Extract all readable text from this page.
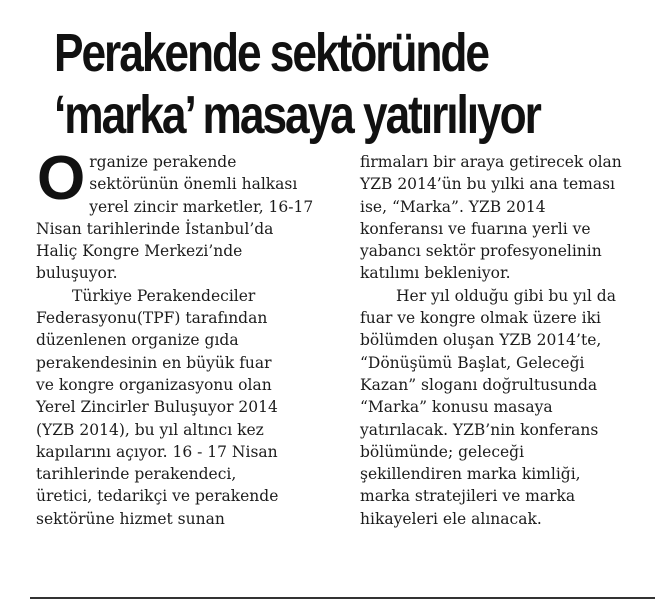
Perakende sektöründe
‘marka’ masaya yatırılıyor

Organize perakende
sektörünün önemli halkası
yerel zincir marketler, 16-17
Nisan tarihlerinde İstanbul’da
Haliç Kongre Merkezi’nde
buluşuyor.

Türkiye Perakendeciler
Federasyonu(TPF) tarafından
düzenlenen organize gıda
perakendesinin en büyük fuar
ve kongre organizasyonu olan
Yerel Zincirler Buluşuyor 2014
(YZB 2014), bu yıl altıncı kez
kapılarını açıyor. 16 - 17 Nisan
tarihlerinde perakendeci,
üretici, tedarikçi ve perakende
sektörüne hizmet sunan

firmaları bir araya getirecek olan
YZB 2014’ün bu yılki ana teması
ise, “Marka”. YZB 2014
konferansı ve fuarına yerli ve
yabancı sektör profesyonelinin
katılımı bekleniyor.

Her yıl olduğu gibi bu yıl da
fuar ve kongre olmak üzere iki
bölümden oluşan YZB 2014’te,
“Dönüşümü Başlat, Geleceği
Kazan” sloganı doğrultusunda
“Marka” konusu masaya
yatırılacak. YZB’nin konferans
bölümünde; geleceği
şekillendiren marka kimliği,
marka stratejileri ve marka
hikayeleri ele alınacak.
